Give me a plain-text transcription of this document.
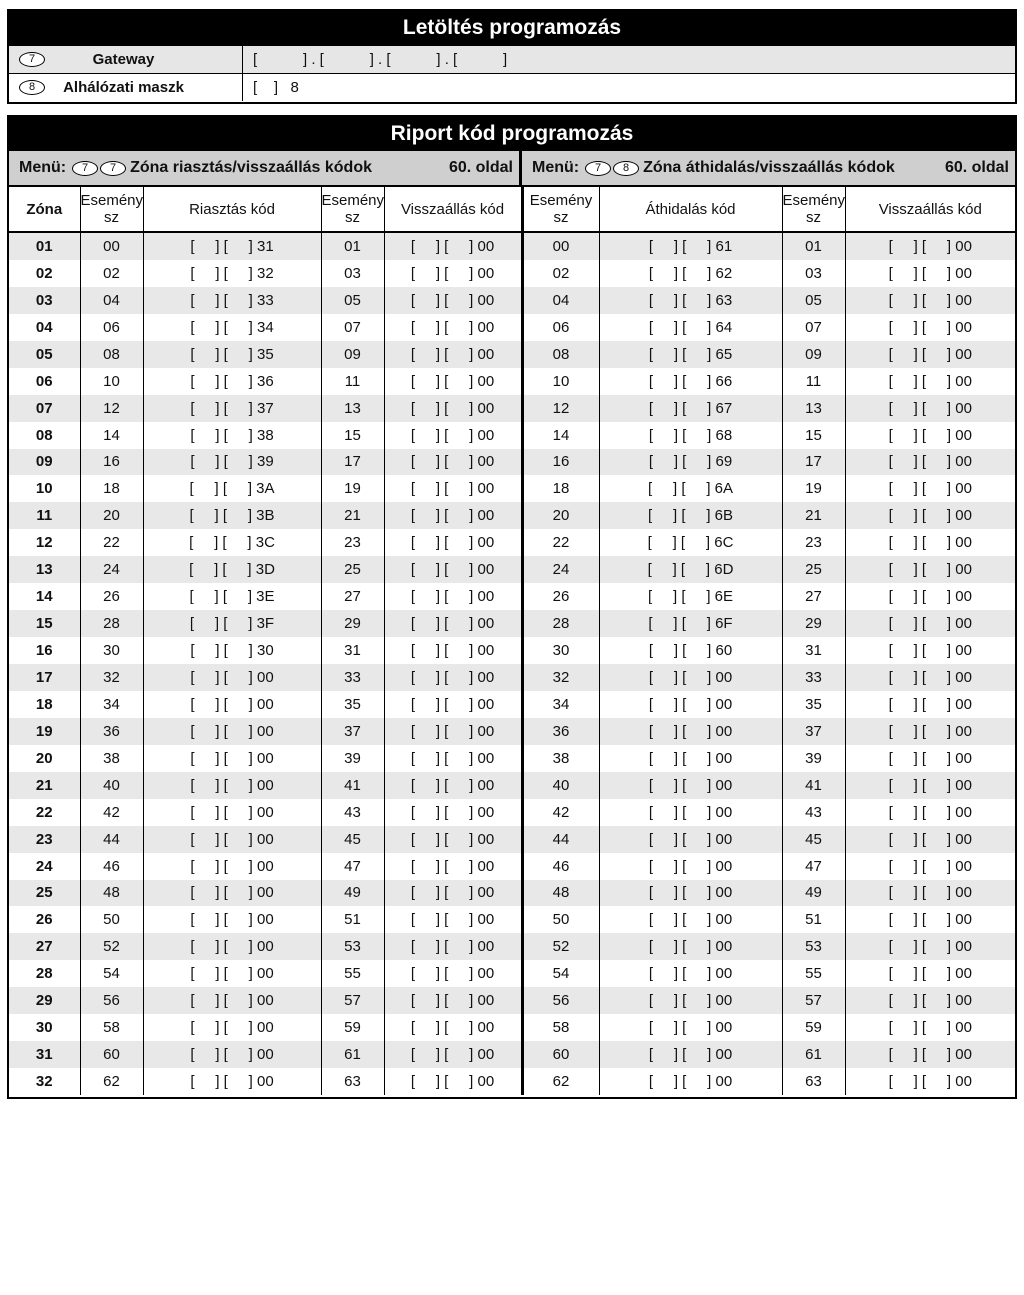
Letöltés programozás
7	Gateway	[           ] . [           ] . [           ] . [           ]
8	Alhálózati maszk	[    ]   8
Riport kód programozás
Menü:	7	7 Zóna riasztás/visszaállás kódok	60. oldal Menü:	7	8 Zóna áthidalás/visszaállás kódok	60. oldal
Zóna	Esemény sz	Riasztás kód	Esemény sz	Visszaállás kód	Esemény sz	Áthidalás kód	Esemény sz	Visszaállás kód
01	00	[     ] [     ] 31	01	[     ] [     ] 00	00	[     ] [     ] 61	01	[     ] [     ] 00
02	02	[     ] [     ] 32	03	[     ] [     ] 00	02	[     ] [     ] 62	03	[     ] [     ] 00
03	04	[     ] [     ] 33	05	[     ] [     ] 00	04	[     ] [     ] 63	05	[     ] [     ] 00
04	06	[     ] [     ] 34	07	[     ] [     ] 00	06	[     ] [     ] 64	07	[     ] [     ] 00
05	08	[     ] [     ] 35	09	[     ] [     ] 00	08	[     ] [     ] 65	09	[     ] [     ] 00
06	10	[     ] [     ] 36	11	[     ] [     ] 00	10	[     ] [     ] 66	11	[     ] [     ] 00
07	12	[     ] [     ] 37	13	[     ] [     ] 00	12	[     ] [     ] 67	13	[     ] [     ] 00
08	14	[     ] [     ] 38	15	[     ] [     ] 00	14	[     ] [     ] 68	15	[     ] [     ] 00
09	16	[     ] [     ] 39	17	[     ] [     ] 00	16	[     ] [     ] 69	17	[     ] [     ] 00
10	18	[     ] [     ] 3A	19	[     ] [     ] 00	18	[     ] [     ] 6A	19	[     ] [     ] 00
11	20	[     ] [     ] 3B	21	[     ] [     ] 00	20	[     ] [     ] 6B	21	[     ] [     ] 00
12	22	[     ] [     ] 3C	23	[     ] [     ] 00	22	[     ] [     ] 6C	23	[     ] [     ] 00
13	24	[     ] [     ] 3D	25	[     ] [     ] 00	24	[     ] [     ] 6D	25	[     ] [     ] 00
14	26	[     ] [     ] 3E	27	[     ] [     ] 00	26	[     ] [     ] 6E	27	[     ] [     ] 00
15	28	[     ] [     ] 3F	29	[     ] [     ] 00	28	[     ] [     ] 6F	29	[     ] [     ] 00
16	30	[     ] [     ] 30	31	[     ] [     ] 00	30	[     ] [     ] 60	31	[     ] [     ] 00
17	32	[     ] [     ] 00	33	[     ] [     ] 00	32	[     ] [     ] 00	33	[     ] [     ] 00
18	34	[     ] [     ] 00	35	[     ] [     ] 00	34	[     ] [     ] 00	35	[     ] [     ] 00
19	36	[     ] [     ] 00	37	[     ] [     ] 00	36	[     ] [     ] 00	37	[     ] [     ] 00
20	38	[     ] [     ] 00	39	[     ] [     ] 00	38	[     ] [     ] 00	39	[     ] [     ] 00
21	40	[     ] [     ] 00	41	[     ] [     ] 00	40	[     ] [     ] 00	41	[     ] [     ] 00
22	42	[     ] [     ] 00	43	[     ] [     ] 00	42	[     ] [     ] 00	43	[     ] [     ] 00
23	44	[     ] [     ] 00	45	[     ] [     ] 00	44	[     ] [     ] 00	45	[     ] [     ] 00
24	46	[     ] [     ] 00	47	[     ] [     ] 00	46	[     ] [     ] 00	47	[     ] [     ] 00
25	48	[     ] [     ] 00	49	[     ] [     ] 00	48	[     ] [     ] 00	49	[     ] [     ] 00
26	50	[     ] [     ] 00	51	[     ] [     ] 00	50	[     ] [     ] 00	51	[     ] [     ] 00
27	52	[     ] [     ] 00	53	[     ] [     ] 00	52	[     ] [     ] 00	53	[     ] [     ] 00
28	54	[     ] [     ] 00	55	[     ] [     ] 00	54	[     ] [     ] 00	55	[     ] [     ] 00
29	56	[     ] [     ] 00	57	[     ] [     ] 00	56	[     ] [     ] 00	57	[     ] [     ] 00
30	58	[     ] [     ] 00	59	[     ] [     ] 00	58	[     ] [     ] 00	59	[     ] [     ] 00
31	60	[     ] [     ] 00	61	[     ] [     ] 00	60	[     ] [     ] 00	61	[     ] [     ] 00
32	62	[     ] [     ] 00	63	[     ] [     ] 00	62	[     ] [     ] 00	63	[     ] [     ] 00
